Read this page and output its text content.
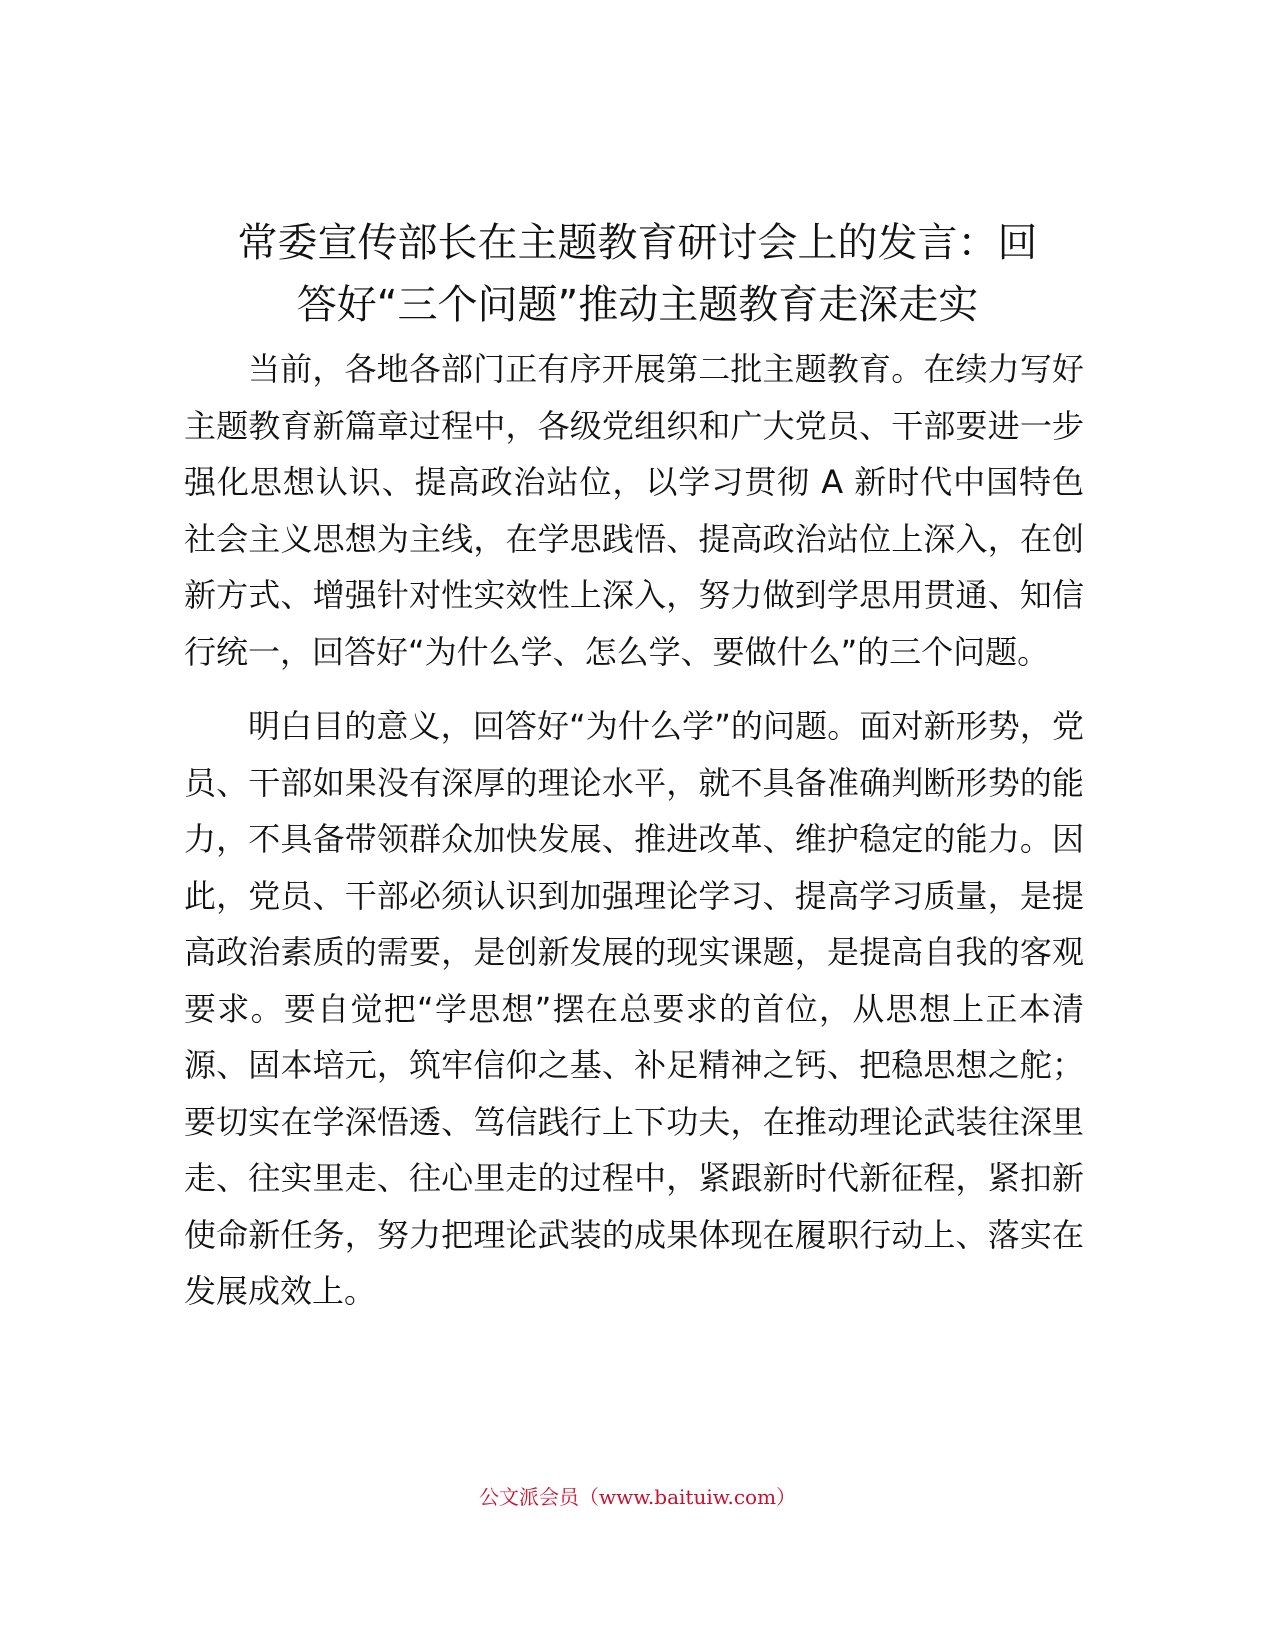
常委宣传部长在主题教育研讨会上的发言：回
答好“三个问题”推动主题教育走深走实

当前，各地各部门正有序开展第二批主题教育。在续力写好主题教育新篇章过程中，各级党组织和广大党员、干部要进一步强化思想认识、提高政治站位，以学习贯彻 A 新时代中国特色社会主义思想为主线，在学思践悟、提高政治站位上深入，在创新方式、增强针对性实效性上深入，努力做到学思用贯通、知信行统一，回答好“为什么学、怎么学、要做什么”的三个问题。

明白目的意义，回答好“为什么学”的问题。面对新形势，党员、干部如果没有深厚的理论水平，就不具备准确判断形势的能力，不具备带领群众加快发展、推进改革、维护稳定的能力。因此，党员、干部必须认识到加强理论学习、提高学习质量，是提高政治素质的需要，是创新发展的现实课题，是提高自我的客观要求。要自觉把“学思想”摆在总要求的首位，从思想上正本清源、固本培元，筑牢信仰之基、补足精神之钙、把稳思想之舵；要切实在学深悟透、笃信践行上下功夫，在推动理论武装往深里走、往实里走、往心里走的过程中，紧跟新时代新征程，紧扣新使命新任务，努力把理论武装的成果体现在履职行动上、落实在发展成效上。

公文派会员（www.baituiw.com）
